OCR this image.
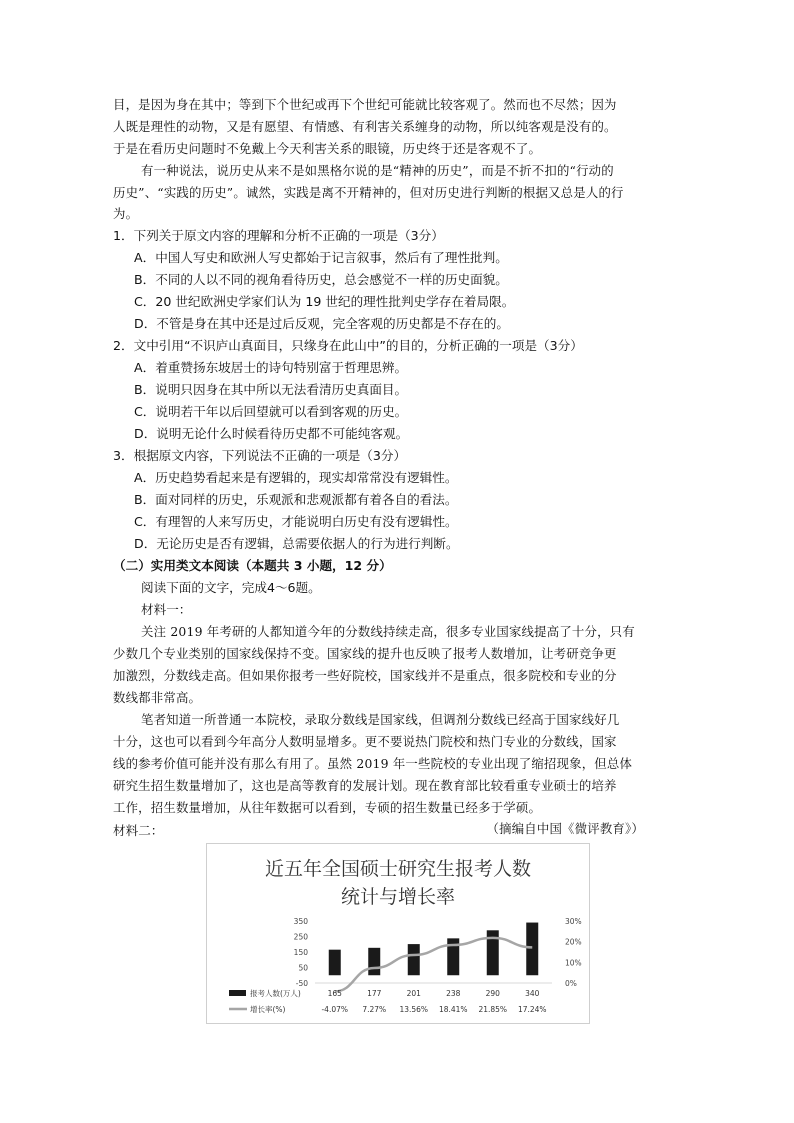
目，是因为身在其中；等到下个世纪或再下个世纪可能就比较客观了。然而也不尽然；因为
人既是理性的动物，又是有愿望、有情感、有利害关系缠身的动物，所以纯客观是没有的。
于是在看历史问题时不免戴上今天利害关系的眼镜，历史终于还是客观不了。
有一种说法，说历史从来不是如黑格尔说的是“精神的历史”，而是不折不扣的“行动的
历史”、“实践的历史”。诚然，实践是离不开精神的，但对历史进行判断的根据又总是人的行
为。
1．下列关于原文内容的理解和分析不正确的一项是（3分）
A．中国人写史和欧洲人写史都始于记言叙事，然后有了理性批判。
B．不同的人以不同的视角看待历史，总会感觉不一样的历史面貌。
C．20 世纪欧洲史学家们认为 19 世纪的理性批判史学存在着局限。
D．不管是身在其中还是过后反观，完全客观的历史都是不存在的。
2．文中引用“不识庐山真面目，只缘身在此山中”的目的，分析正确的一项是（3分）
A．着重赞扬东坡居士的诗句特别富于哲理思辨。
B．说明只因身在其中所以无法看清历史真面目。
C．说明若干年以后回望就可以看到客观的历史。
D．说明无论什么时候看待历史都不可能纯客观。
3．根据原文内容，下列说法不正确的一项是（3分）
A．历史趋势看起来是有逻辑的，现实却常常没有逻辑性。
B．面对同样的历史，乐观派和悲观派都有着各自的看法。
C．有理智的人来写历史，才能说明白历史有没有逻辑性。
D．无论历史是否有逻辑，总需要依据人的行为进行判断。
（二）实用类文本阅读（本题共 3 小题，12 分）
阅读下面的文字，完成4～6题。
材料一：
关注 2019 年考研的人都知道今年的分数线持续走高，很多专业国家线提高了十分，只有
少数几个专业类别的国家线保持不变。国家线的提升也反映了报考人数增加，让考研竞争更
加激烈，分数线走高。但如果你报考一些好院校，国家线并不是重点，很多院校和专业的分
数线都非常高。
笔者知道一所普通一本院校，录取分数线是国家线，但调剂分数线已经高于国家线好几
十分，这也可以看到今年高分人数明显增多。更不要说热门院校和热门专业的分数线，国家
线的参考价值可能并没有那么有用了。虽然 2019 年一些院校的专业出现了缩招现象，但总体
研究生招生数量增加了，这也是高等教育的发展计划。现在教育部比较看重专业硕士的培养
工作，招生数量增加，从往年数据可以看到，专硕的招生数量已经多于学硕。
（摘编自中国《微评教育》）
材料二：
近五年全国硕士研究生报考人数
统计与增长率
350
250
150
50
-50
30%
20%
10%
0%
报考人数(万人)
增长率(%)
165	177	201	238	290	340
-4.07% 7.27% 13.56% 18.41% 21.85% 17.24%
